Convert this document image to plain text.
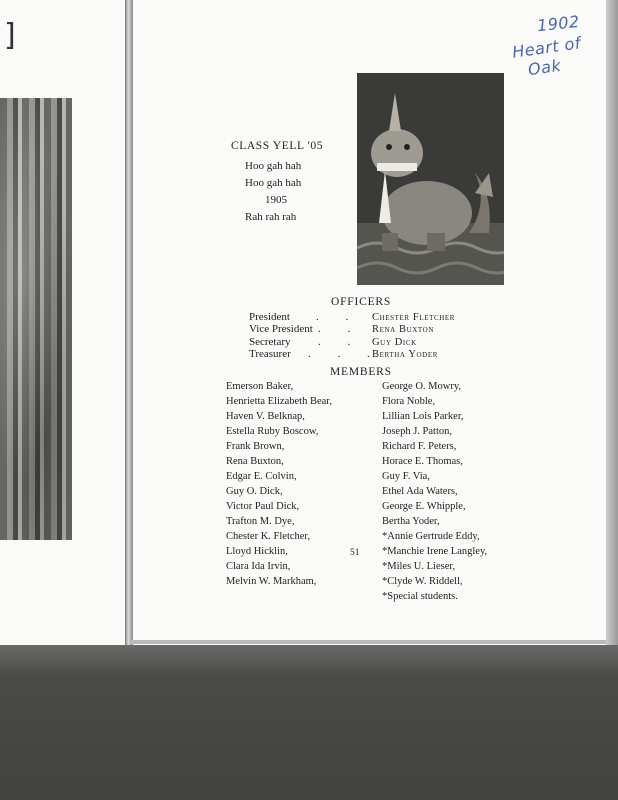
]	1902
Heart of
Oak
CLASS YELL '05
Hoo gah hah
Hoo gah hah
1905
Rah rah rah
OFFICERS
President . . Chester Fletcher
Vice President . . Rena Buxton
Secretary . . Guy Dick
Treasurer . . .
Bertha Yoder
MEMBERS
Emerson Baker,
Henrietta Elizabeth Bear,
Haven V. Belknap,
Estella Ruby Boscow,
Frank Brown,
Rena Buxton,
Edgar E. Colvin,
Guy O. Dick,
Victor Paul Dick,
Trafton M. Dye,
Chester K. Fletcher,
Lloyd Hicklin,
Clara Ida Irvin,
Melvin W. Markham,
George O. Mowry,
Flora Noble,
Lillian Lois Parker,
Joseph J. Patton,
Richard F. Peters,
Horace E. Thomas,
Guy F. Via,
Ethel Ada Waters,
George E. Whipple,
Bertha Yoder,
*Annie Gertrude Eddy,
*Manchie Irene Langley,
*Miles U. Lieser,
*Clyde W. Riddell,
*Special students.
51
